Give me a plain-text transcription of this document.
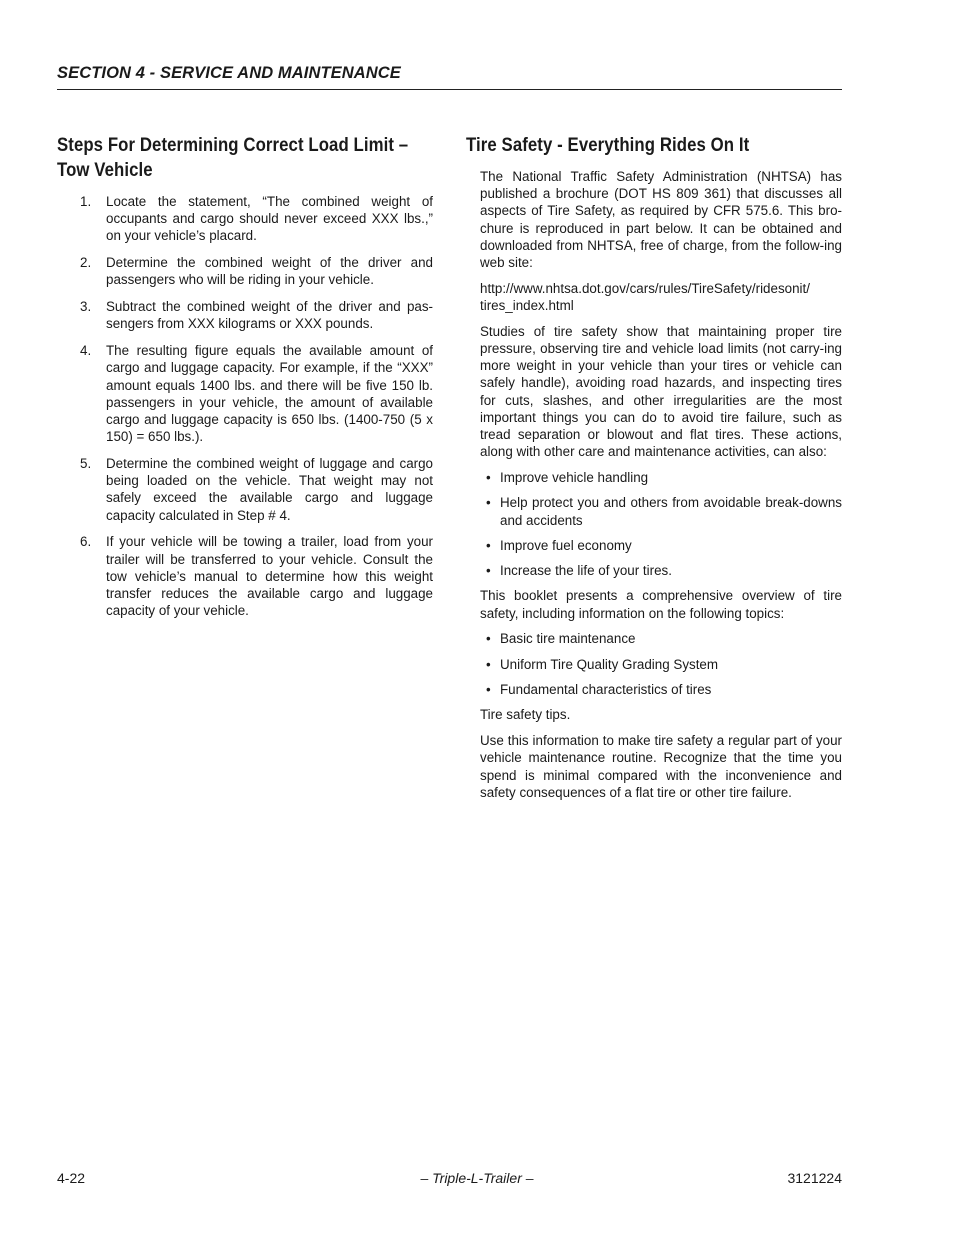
SECTION 4 - SERVICE AND MAINTENANCE
Steps For Determining Correct Load Limit –
Tow Vehicle
1. Locate the statement, “The combined weight of occupants and cargo should never exceed XXX lbs.,” on your vehicle’s placard.
2. Determine the combined weight of the driver and passengers who will be riding in your vehicle.
3. Subtract the combined weight of the driver and pas-sengers from XXX kilograms or XXX pounds.
4. The resulting figure equals the available amount of cargo and luggage capacity. For example, if the “XXX” amount equals 1400 lbs. and there will be five 150 lb. passengers in your vehicle, the amount of available cargo and luggage capacity is 650 lbs. (1400-750 (5 x 150) = 650 lbs.).
5. Determine the combined weight of luggage and cargo being loaded on the vehicle. That weight may not safely exceed the available cargo and luggage capacity calculated in Step # 4.
6. If your vehicle will be towing a trailer, load from your trailer will be transferred to your vehicle. Consult the tow vehicle’s manual to determine how this weight transfer reduces the available cargo and luggage capacity of your vehicle.
Tire Safety - Everything Rides On It

The National Traffic Safety Administration (NHTSA) has published a brochure (DOT HS 809 361) that discusses all aspects of Tire Safety, as required by CFR 575.6. This bro-chure is reproduced in part below. It can be obtained and downloaded from NHTSA, free of charge, from the follow-ing web site:

http://www.nhtsa.dot.gov/cars/rules/TireSafety/ridesonit/
tires_index.html

Studies of tire safety show that maintaining proper tire pressure, observing tire and vehicle load limits (not carry-ing more weight in your vehicle than your tires or vehicle can safely handle), avoiding road hazards, and inspecting tires for cuts, slashes, and other irregularities are the most important things you can do to avoid tire failure, such as tread separation or blowout and flat tires. These actions, along with other care and maintenance activities, can also:

• Improve vehicle handling
• Help protect you and others from avoidable break-downs and accidents
• Improve fuel economy
• Increase the life of your tires.

This booklet presents a comprehensive overview of tire safety, including information on the following topics:

• Basic tire maintenance
• Uniform Tire Quality Grading System
• Fundamental characteristics of tires

Tire safety tips.

Use this information to make tire safety a regular part of your vehicle maintenance routine. Recognize that the time you spend is minimal compared with the inconvenience and safety consequences of a flat tire or other tire failure.

4-22	– Triple-L-Trailer –	3121224
